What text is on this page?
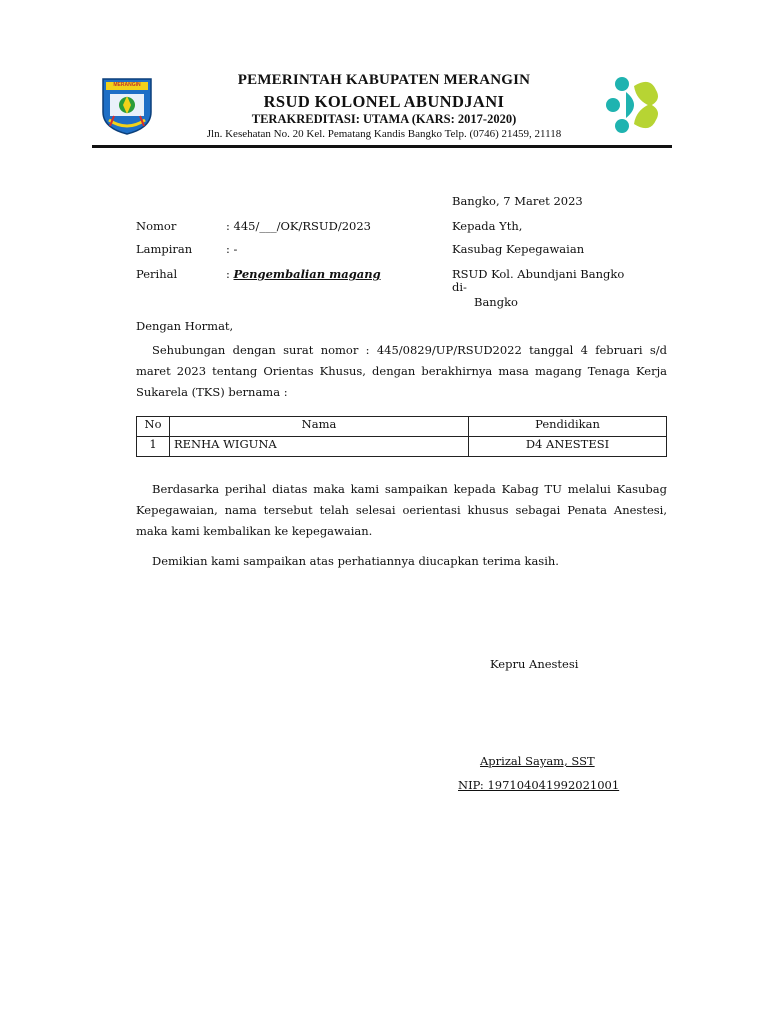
MERANGIN	PEMERINTAH KABUPATEN MERANGIN
RSUD KOLONEL ABUNDJANI
TERAKREDITASI: UTAMA (KARS: 2017-2020)
Jln. Kesehatan No. 20 Kel. Pematang Kandis Bangko Telp. (0746) 21459, 21118
Bangko, 7 Maret 2023
Nomor	: 445/___/OK/RSUD/2023
Lampiran	: -
Perihal	: Pengembalian magang
Kepada Yth,
Kasubag Kepegawaian
RSUD Kol. Abundjani Bangko
di-
Bangko
Dengan Hormat,
Sehubungan dengan surat nomor : 445/0829/UP/RSUD2022 tanggal 4 februari s/d maret 2023 tentang Orientas Khusus, dengan berakhirnya masa magang Tenaga Kerja Sukarela (TKS) bernama :
No	Nama	Pendidikan
1	RENHA WIGUNA	D4 ANESTESI
Berdasarka perihal diatas maka kami sampaikan kepada Kabag TU melalui Kasubag Kepegawaian, nama tersebut telah selesai oerientasi khusus sebagai Penata Anestesi, maka kami kembalikan ke kepegawaian.
Demikian kami sampaikan atas perhatiannya diucapkan terima kasih.
Kepru Anestesi
Aprizal Sayam, SST
NIP: 197104041992021001
